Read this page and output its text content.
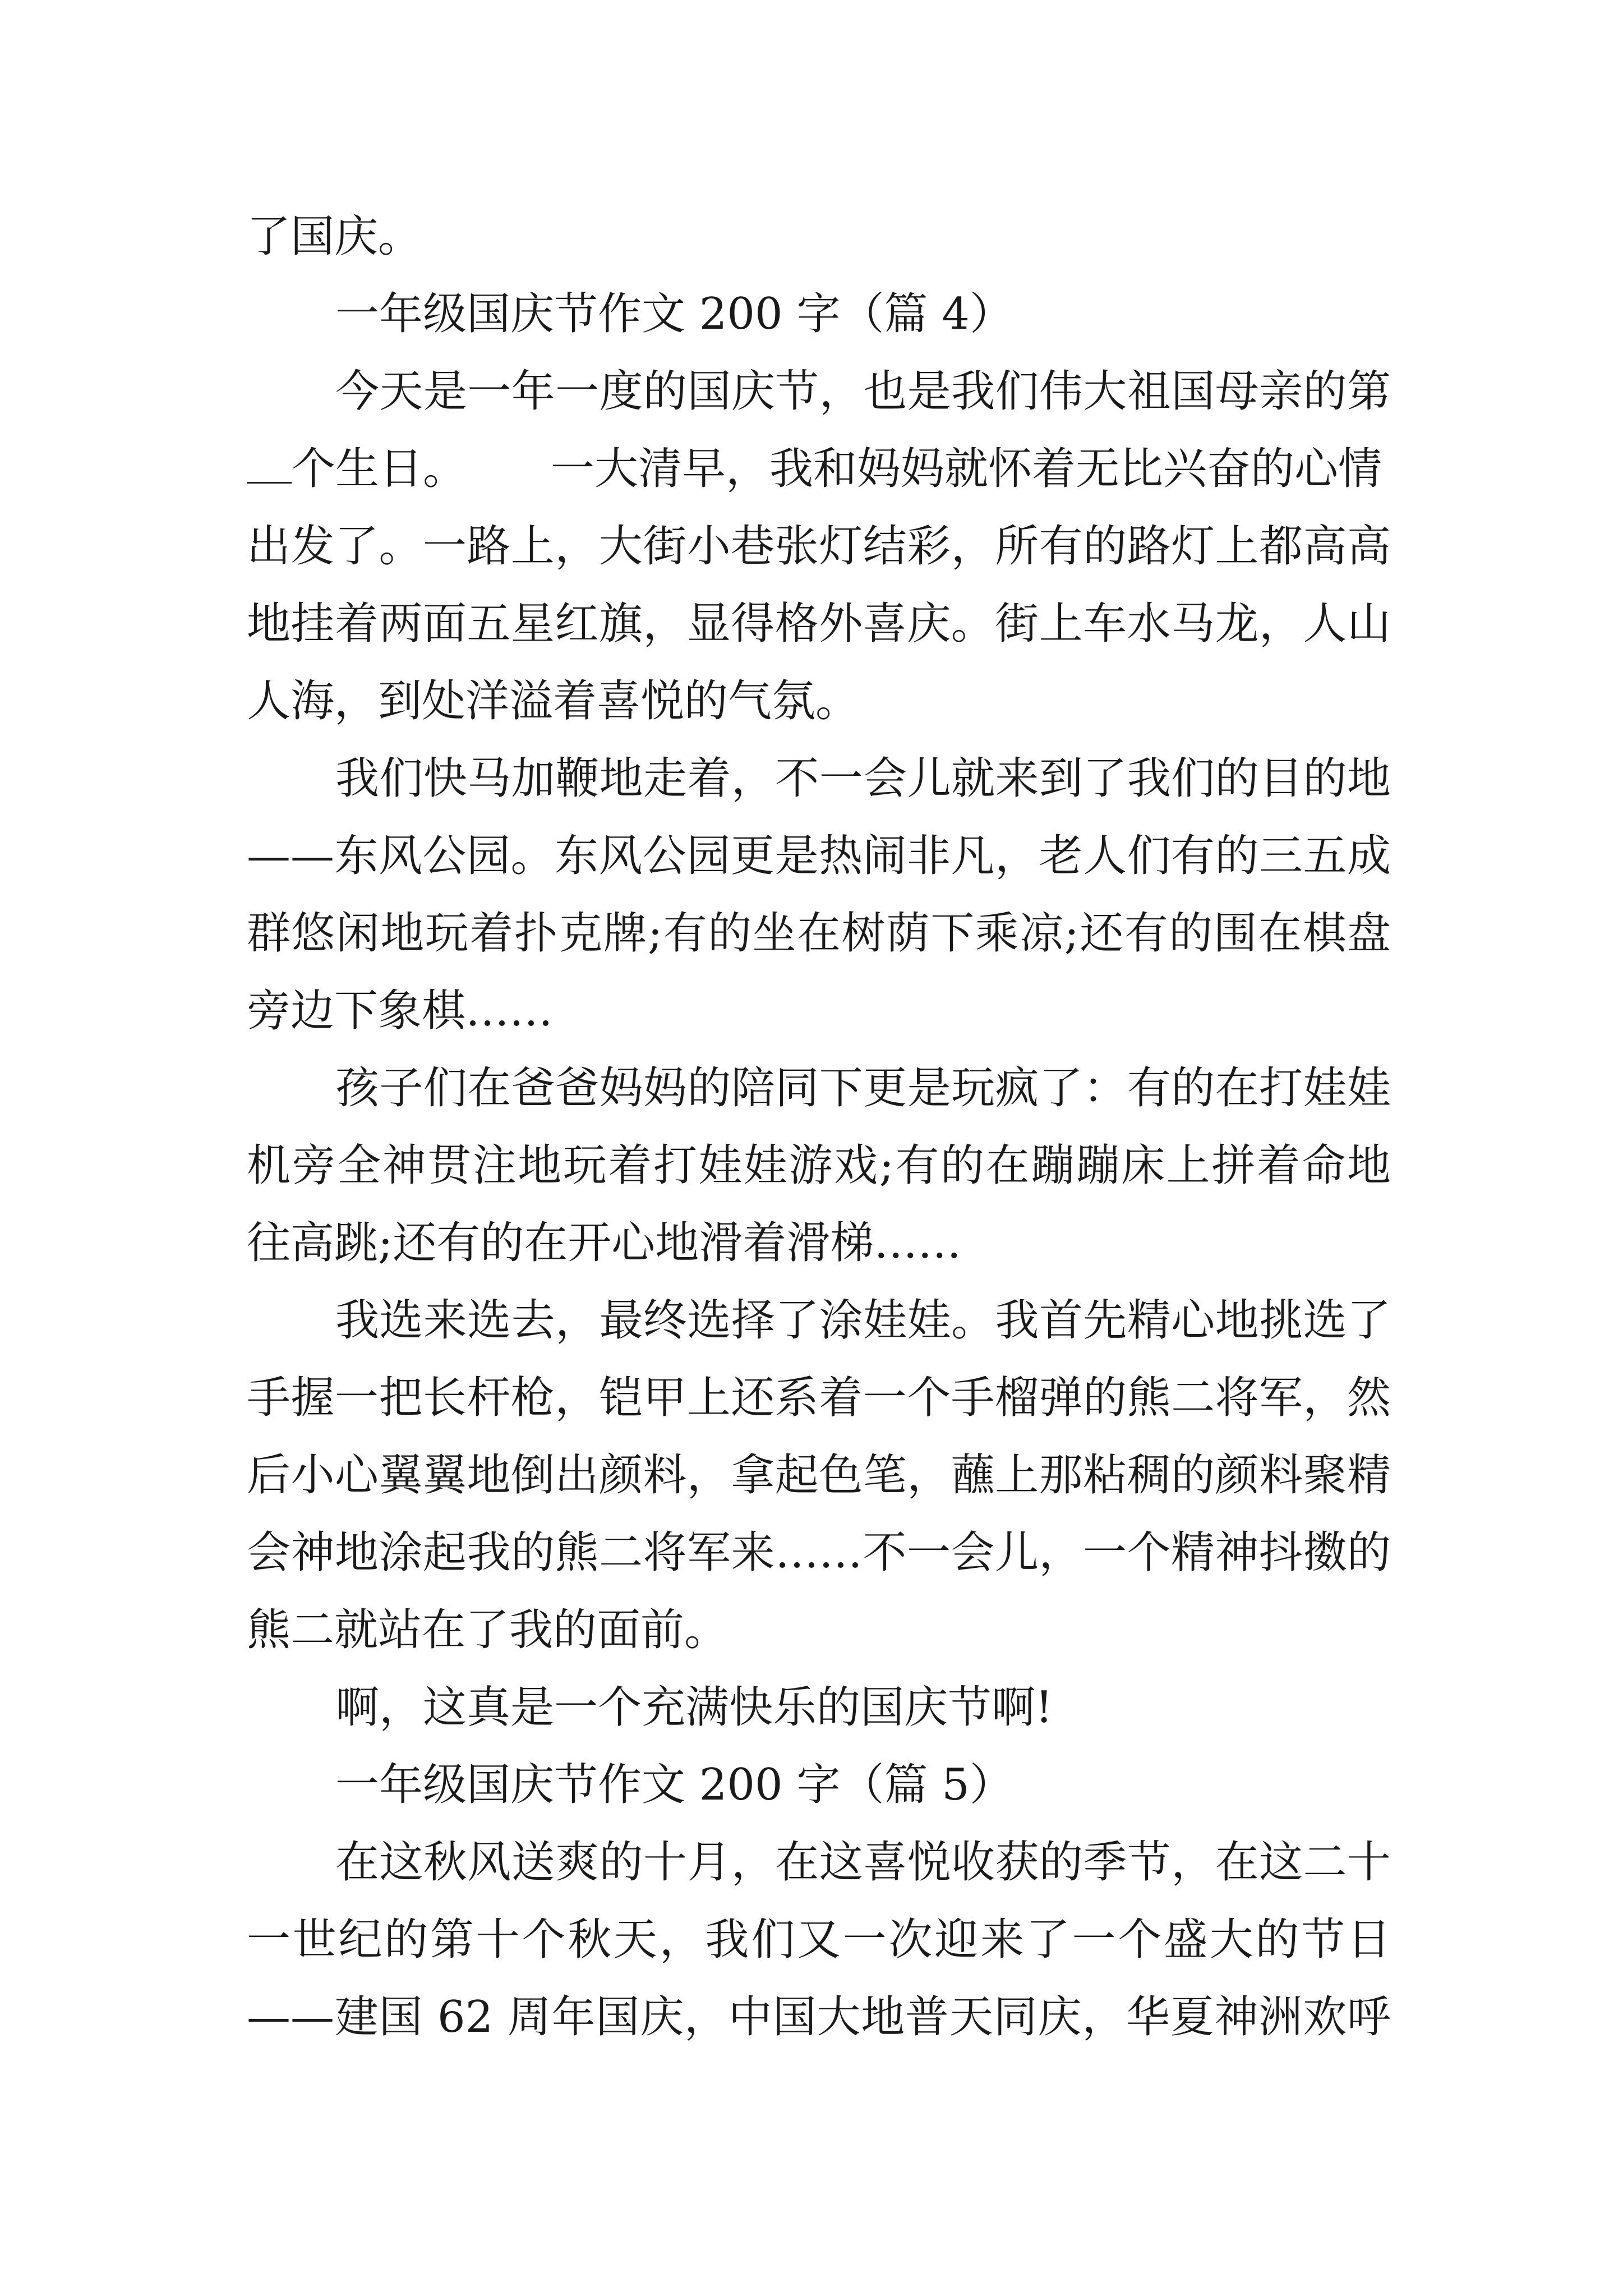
了国庆。

一年级国庆节作文 200 字（篇 4）

今天是一年一度的国庆节，也是我们伟大祖国母亲的第

个生日。 一大清早，我和妈妈就怀着无比兴奋的心情

出发了。一路上，大街小巷张灯结彩，所有的路灯上都高高

地挂着两面五星红旗，显得格外喜庆。街上车水马龙，人山

人海，到处洋溢着喜悦的气氛。

我们快马加鞭地走着，不一会儿就来到了我们的目的地

——东风公园。东风公园更是热闹非凡，老人们有的三五成

群悠闲地玩着扑克牌;有的坐在树荫下乘凉;还有的围在棋盘

旁边下象棋……

孩子们在爸爸妈妈的陪同下更是玩疯了：有的在打娃娃

机旁全神贯注地玩着打娃娃游戏;有的在蹦蹦床上拼着命地

往高跳;还有的在开心地滑着滑梯……

我选来选去，最终选择了涂娃娃。我首先精心地挑选了

手握一把长杆枪，铠甲上还系着一个手榴弹的熊二将军，然

后小心翼翼地倒出颜料，拿起色笔，蘸上那粘稠的颜料聚精

会神地涂起我的熊二将军来……不一会儿，一个精神抖擞的

熊二就站在了我的面前。

啊，这真是一个充满快乐的国庆节啊!

一年级国庆节作文 200 字（篇 5）

在这秋风送爽的十月，在这喜悦收获的季节，在这二十

一世纪的第十个秋天，我们又一次迎来了一个盛大的节日

——建国 62 周年国庆，中国大地普天同庆，华夏神洲欢呼
